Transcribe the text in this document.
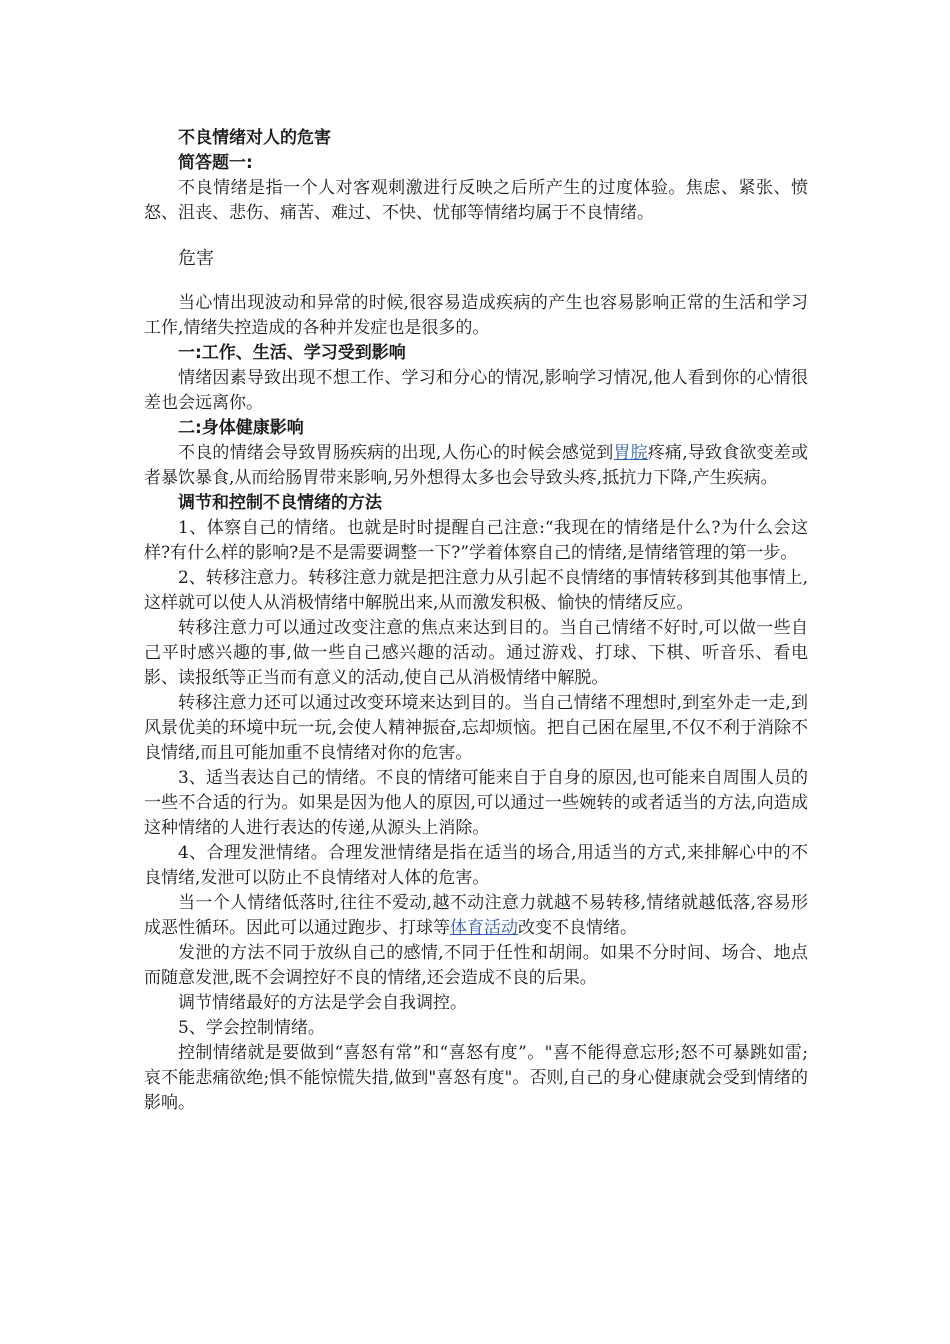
不良情绪对人的危害
简答题一:

不良情绪是指一个人对客观刺激进行反映之后所产生的过度体验。焦虑、紧张、愤怒、沮丧、悲伤、痛苦、难过、不快、忧郁等情绪均属于不良情绪。

危害

当心情出现波动和异常的时候,很容易造成疾病的产生也容易影响正常的生活和学习工作,情绪失控造成的各种并发症也是很多的。

一:工作、生活、学习受到影响

情绪因素导致出现不想工作、学习和分心的情况,影响学习情况,他人看到你的心情很差也会远离你。

二:身体健康影响

不良的情绪会导致胃肠疾病的出现,人伤心的时候会感觉到胃脘疼痛,导致食欲变差或者暴饮暴食,从而给肠胃带来影响,另外想得太多也会导致头疼,抵抗力下降,产生疾病。

调节和控制不良情绪的方法

1、体察自己的情绪。也就是时时提醒自己注意:“我现在的情绪是什么?为什么会这样?有什么样的影响?是不是需要调整一下?”学着体察自己的情绪,是情绪管理的第一步。

2、转移注意力。转移注意力就是把注意力从引起不良情绪的事情转移到其他事情上,这样就可以使人从消极情绪中解脱出来,从而激发积极、愉快的情绪反应。

转移注意力可以通过改变注意的焦点来达到目的。当自己情绪不好时,可以做一些自己平时感兴趣的事,做一些自己感兴趣的活动。通过游戏、打球、下棋、听音乐、看电影、读报纸等正当而有意义的活动,使自己从消极情绪中解脱。

转移注意力还可以通过改变环境来达到目的。当自己情绪不理想时,到室外走一走,到风景优美的环境中玩一玩,会使人精神振奋,忘却烦恼。把自己困在屋里,不仅不利于消除不良情绪,而且可能加重不良情绪对你的危害。

3、适当表达自己的情绪。不良的情绪可能来自于自身的原因,也可能来自周围人员的一些不合适的行为。如果是因为他人的原因,可以通过一些婉转的或者适当的方法,向造成这种情绪的人进行表达的传递,从源头上消除。

4、合理发泄情绪。合理发泄情绪是指在适当的场合,用适当的方式,来排解心中的不良情绪,发泄可以防止不良情绪对人体的危害。

当一个人情绪低落时,往往不爱动,越不动注意力就越不易转移,情绪就越低落,容易形成恶性循环。因此可以通过跑步、打球等体育活动改变不良情绪。

发泄的方法不同于放纵自己的感情,不同于任性和胡闹。如果不分时间、场合、地点而随意发泄,既不会调控好不良的情绪,还会造成不良的后果。

调节情绪最好的方法是学会自我调控。

5、学会控制情绪。

控制情绪就是要做到“喜怒有常”和“喜怒有度”。"喜不能得意忘形;怒不可暴跳如雷;哀不能悲痛欲绝;惧不能惊慌失措,做到"喜怒有度"。否则,自己的身心健康就会受到情绪的影响。
